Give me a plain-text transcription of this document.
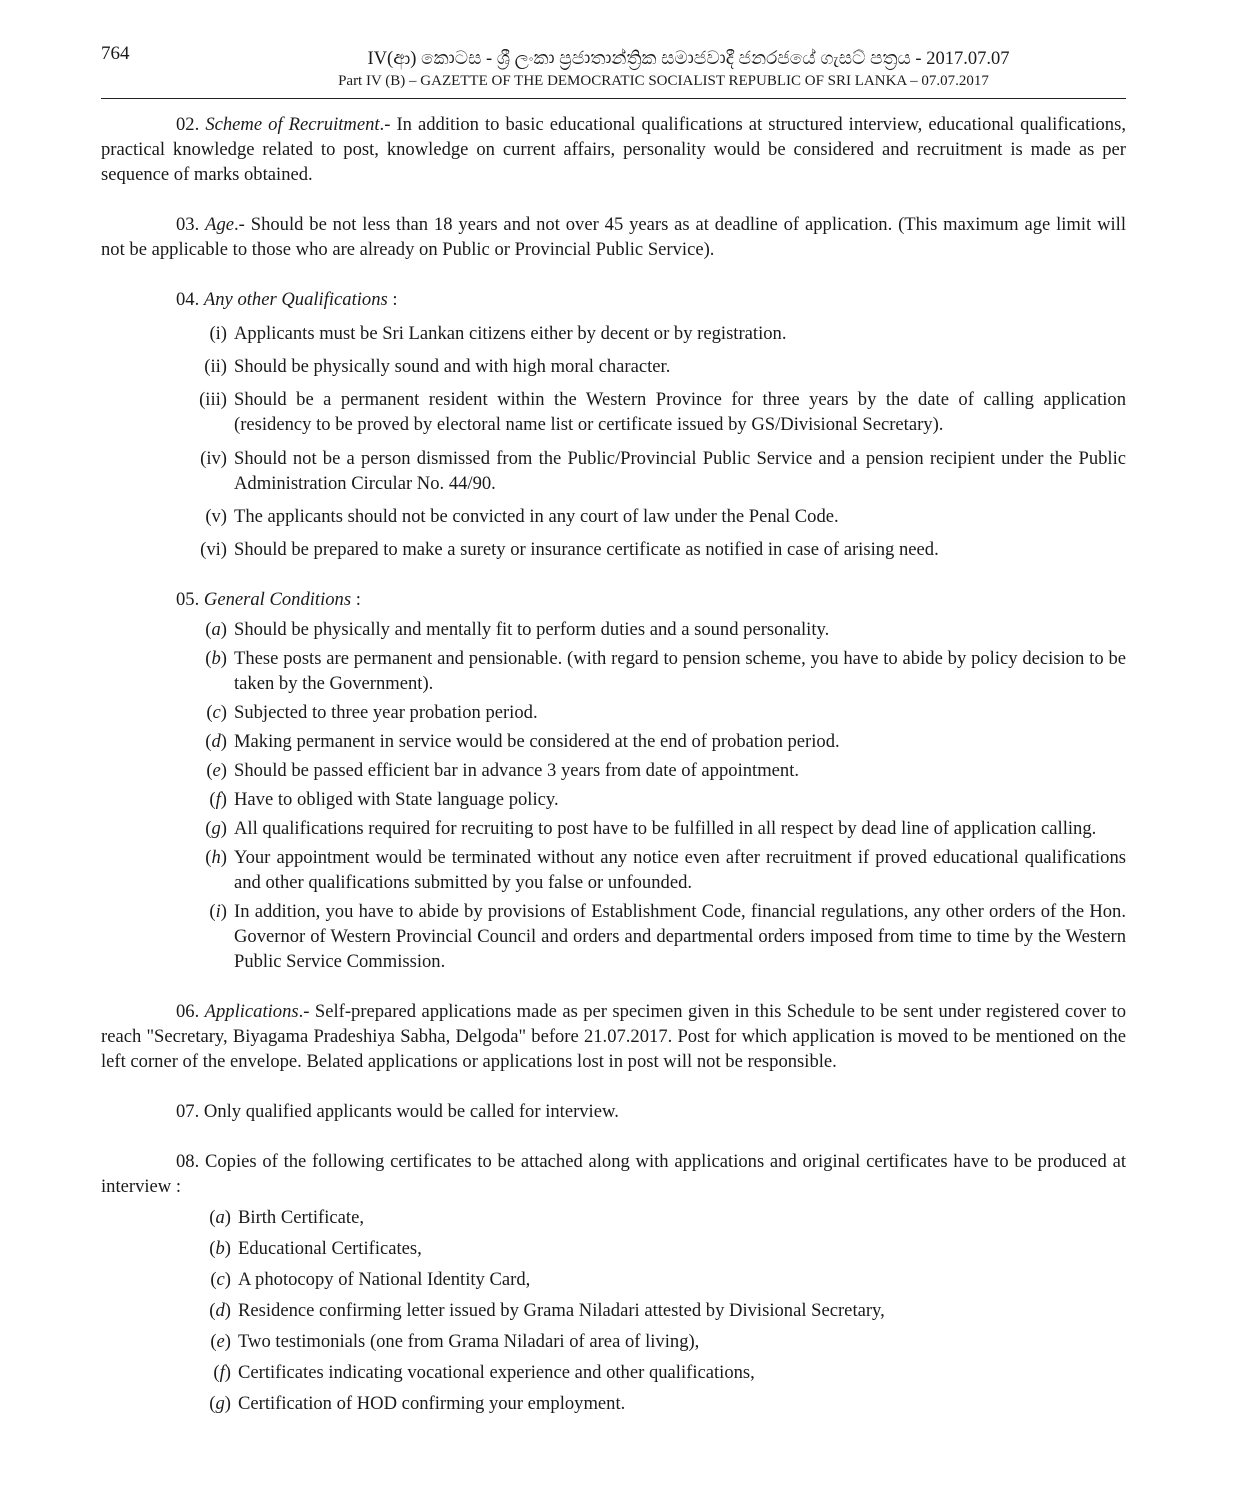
764	IV(ආ) කොටස - ශ්‍රී ලංකා ප්‍රජාතාන්ත්‍රික සමාජවාදී ජනරජයේ ගැසට් පත්‍රය - 2017.07.07
Part IV (B) – GAZETTE OF THE DEMOCRATIC SOCIALIST REPUBLIC OF SRI LANKA – 07.07.2017

02. Scheme of Recruitment.- In addition to basic educational qualifications at structured interview, educational qualifications, practical knowledge related to post, knowledge on current affairs, personality would be considered and recruitment is made as per sequence of marks obtained.

03. Age.- Should be not less than 18 years and not over 45 years as at deadline of application. (This maximum age limit will not be applicable to those who are already on Public or Provincial Public Service).

04. Any other Qualifications :

(i) Applicants must be Sri Lankan citizens either by decent or by registration.
(ii) Should be physically sound and with high moral character.
(iii) Should be a permanent resident within the Western Province for three years by the date of calling application (residency to be proved by electoral name list or certificate issued by GS/Divisional Secretary).
(iv) Should not be a person dismissed from the Public/Provincial Public Service and a pension recipient under the Public Administration Circular No. 44/90.
(v) The applicants should not be convicted in any court of law under the Penal Code.
(vi) Should be prepared to make a surety or insurance certificate as notified in case of arising need.

05. General Conditions :

(a) Should be physically and mentally fit to perform duties and a sound personality.
(b) These posts are permanent and pensionable. (with regard to pension scheme, you have to abide by policy decision to be taken by the Government).
(c) Subjected to three year probation period.
(d) Making permanent in service would be considered at the end of probation period.
(e) Should be passed efficient bar in advance 3 years from date of appointment.
(f) Have to obliged with State language policy.
(g) All qualifications required for recruiting to post have to be fulfilled in all respect by dead line of application calling.
(h) Your appointment would be terminated without any notice even after recruitment if proved educational qualifications and other qualifications submitted by you false or unfounded.
(i) In addition, you have to abide by provisions of Establishment Code, financial regulations, any other orders of the Hon. Governor of Western Provincial Council and orders and departmental orders imposed from time to time by the Western Public Service Commission.

06. Applications.- Self-prepared applications made as per specimen given in this Schedule to be sent under registered cover to reach "Secretary, Biyagama Pradeshiya Sabha, Delgoda" before 21.07.2017. Post for which application is moved to be mentioned on the left corner of the envelope. Belated applications or applications lost in post will not be responsible.

07. Only qualified applicants would be called for interview.

08. Copies of the following certificates to be attached along with applications and original certificates have to be produced at interview :

(a) Birth Certificate,
(b) Educational Certificates,
(c) A photocopy of National Identity Card,
(d) Residence confirming letter issued by Grama Niladari attested by Divisional Secretary,
(e) Two testimonials (one from Grama Niladari of area of living),
(f) Certificates indicating vocational experience and other qualifications,
(g) Certification of HOD confirming your employment.
